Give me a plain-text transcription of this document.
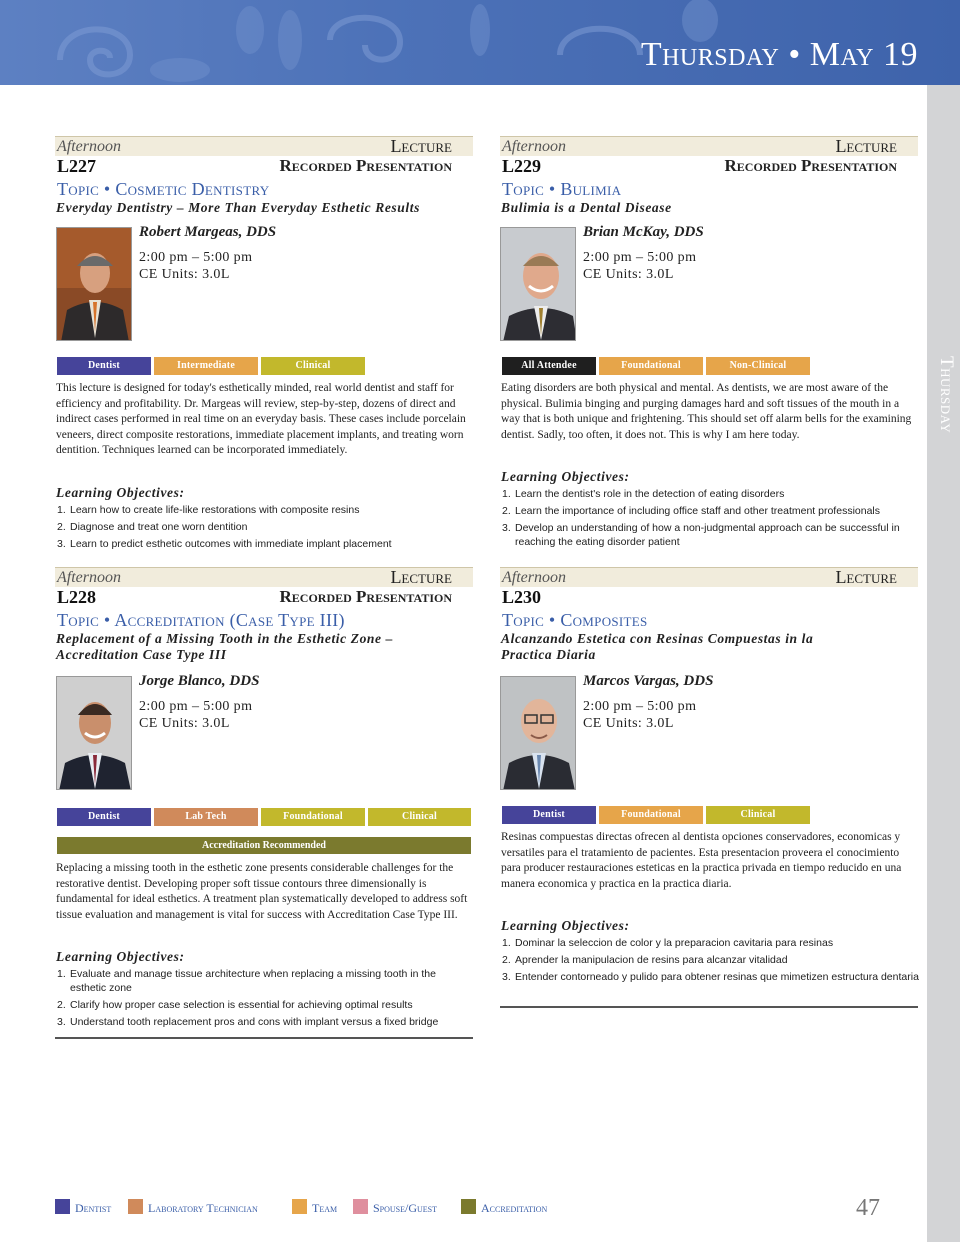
Thursday • May 19
Thursday
Afternoon	Lecture
L227	Recorded Presentation
Topic • Cosmetic Dentistry
Everyday Dentistry – More Than Everyday Esthetic Results
Robert Margeas, DDS
2:00 pm – 5:00 pm
CE Units: 3.0L
Dentist	Intermediate	Clinical
This lecture is designed for today's esthetically minded, real world dentist and staff for efficiency and profitability. Dr. Margeas will review, step-by-step, dozens of direct and indirect cases performed in real time on an everyday basis. These cases include porcelain veneers, direct composite restorations, immediate placement implants, and treating worn dentition. Techniques learned can be incorporated immediately.
Learning Objectives:
1. Learn how to create life-like restorations with composite resins
2. Diagnose and treat one worn dentition
3. Learn to predict esthetic outcomes with immediate implant placement
Afternoon	Lecture
L229	Recorded Presentation
Topic • Bulimia
Bulimia is a Dental Disease
Brian McKay, DDS
2:00 pm – 5:00 pm
CE Units: 3.0L
All Attendee	Foundational	Non-Clinical
Eating disorders are both physical and mental. As dentists, we are most aware of the physical. Bulimia binging and purging damages hard and soft tissues of the mouth in a way that is both unique and frightening. This should set off alarm bells for the examining dentist. Sadly, too often, it does not. This is why I am here today.
Learning Objectives:
1. Learn the dentist's role in the detection of eating disorders
2. Learn the importance of including office staff and other treatment professionals
3. Develop an understanding of how a non-judgmental approach can be successful in reaching the eating disorder patient
Afternoon	Lecture
L228	Recorded Presentation
Topic • Accreditation (Case Type III)
Replacement of a Missing Tooth in the Esthetic Zone – Accreditation Case Type III
Jorge Blanco, DDS
2:00 pm – 5:00 pm
CE Units: 3.0L
Dentist	Lab Tech	Foundational	Clinical
Accreditation Recommended
Replacing a missing tooth in the esthetic zone presents considerable challenges for the restorative dentist. Developing proper soft tissue contours three dimensionally is fundamental for ideal esthetics. A treatment plan systematically developed to address soft tissue evaluation and management is vital for success with Accreditation Case Type III.
Learning Objectives:
1. Evaluate and manage tissue architecture when replacing a missing tooth in the esthetic zone
2. Clarify how proper case selection is essential for achieving optimal results
3. Understand tooth replacement pros and cons with implant versus a fixed bridge
Afternoon	Lecture
L230
Topic • Composites
Alcanzando Estetica con Resinas Compuestas in la Practica Diaria
Marcos Vargas, DDS
2:00 pm – 5:00 pm
CE Units: 3.0L
Dentist	Foundational	Clinical
Resinas compuestas directas ofrecen al dentista opciones conservadores, economicas y versatiles para el tratamiento de pacientes. Esta presentacion proveera el conocimiento para producer restauraciones esteticas en la practica privada en tiempo reducido en una manera economica y practica en la practica diaria.
Learning Objectives:
1. Dominar la seleccion de color y la preparacion cavitaria para resinas
2. Aprender la manipulacion de resins para alcanzar vitalidad
3. Entender contorneado y pulido para obtener resinas que mimetizen estructura dentaria
Dentist	Laboratory Technician	Team	Spouse/Guest	Accreditation	47
